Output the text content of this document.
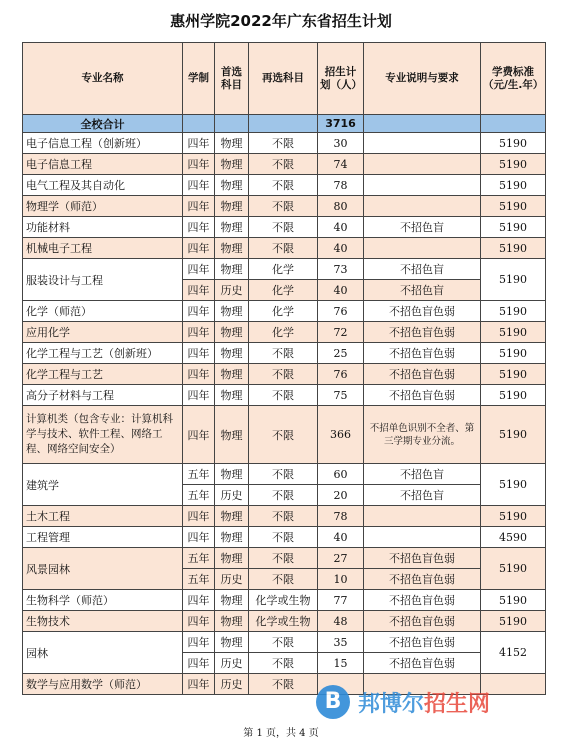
惠州学院2022年广东省招生计划
专业名称	学制	首选科目	再选科目	招生计划（人）	专业说明与要求	学费标准（元/生.年）
全校合计				3716		
电子信息工程（创新班）	四年	物理	不限	30		5190
电子信息工程	四年	物理	不限	74		5190
电气工程及其自动化	四年	物理	不限	78		5190
物理学（师范）	四年	物理	不限	80		5190
功能材料	四年	物理	不限	40	不招色盲	5190
机械电子工程	四年	物理	不限	40		5190
服装设计与工程	四年	物理	化学	73	不招色盲	5190
	四年	历史	化学	40	不招色盲	
化学（师范）	四年	物理	化学	76	不招色盲色弱	5190
应用化学	四年	物理	化学	72	不招色盲色弱	5190
化学工程与工艺（创新班）	四年	物理	不限	25	不招色盲色弱	5190
化学工程与工艺	四年	物理	不限	76	不招色盲色弱	5190
高分子材料与工程	四年	物理	不限	75	不招色盲色弱	5190
计算机类（包含专业：计算机科学与技术、软件工程、网络工程、网络空间安全）	四年	物理	不限	366	不招单色识别不全者、第三学期专业分流。	5190
建筑学	五年	物理	不限	60	不招色盲	5190
	五年	历史	不限	20	不招色盲	
土木工程	四年	物理	不限	78		5190
工程管理	四年	物理	不限	40		4590
风景园林	五年	物理	不限	27	不招色盲色弱	5190
	五年	历史	不限	10	不招色盲色弱	
生物科学（师范）	四年	物理	化学或生物	77	不招色盲色弱	5190
生物技术	四年	物理	化学或生物	48	不招色盲色弱	5190
园林	四年	物理	不限	35	不招色盲色弱	4152
	四年	历史	不限	15	不招色盲色弱	
数学与应用数学（师范）	四年	历史	不限			
B 邦博尔招生网
第 1 页，共 4 页
